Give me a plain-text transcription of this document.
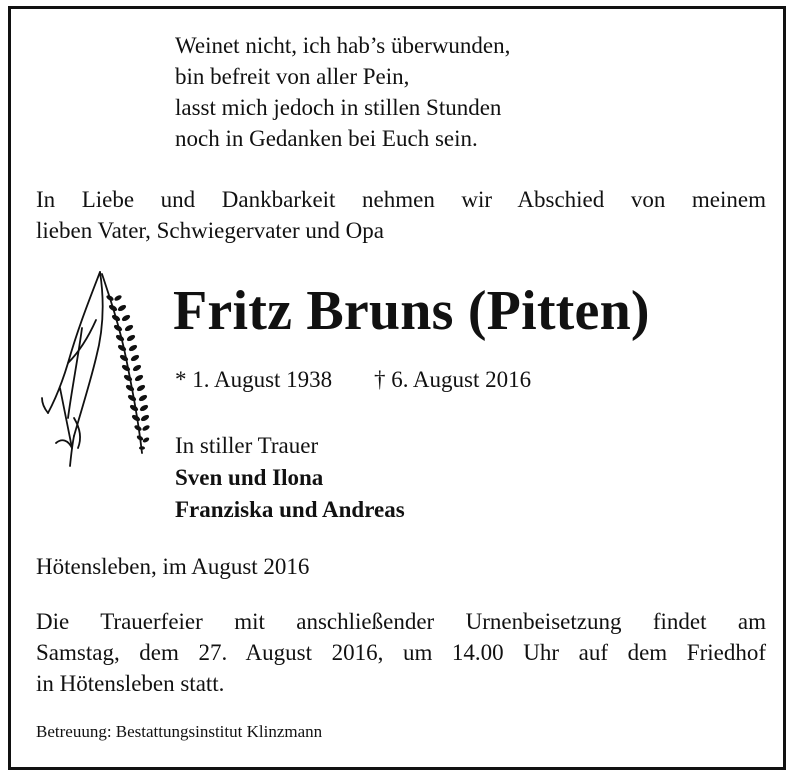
Weinet nicht, ich hab’s überwunden,
bin befreit von aller Pein,
lasst mich jedoch in stillen Stunden
noch in Gedanken bei Euch sein.

In Liebe und Dankbarkeit nehmen wir Abschied von meinem
lieben Vater, Schwiegervater und Opa

Fritz Bruns (Pitten)
* 1. August 1938 † 6. August 2016
In stiller Trauer
Sven und Ilona
Franziska und Andreas
Hötensleben, im August 2016
Die Trauerfeier mit anschließender Urnenbeisetzung findet am
Samstag, dem 27. August 2016, um 14.00 Uhr auf dem Friedhof
in Hötensleben statt.
Betreuung: Bestattungsinstitut Klinzmann
